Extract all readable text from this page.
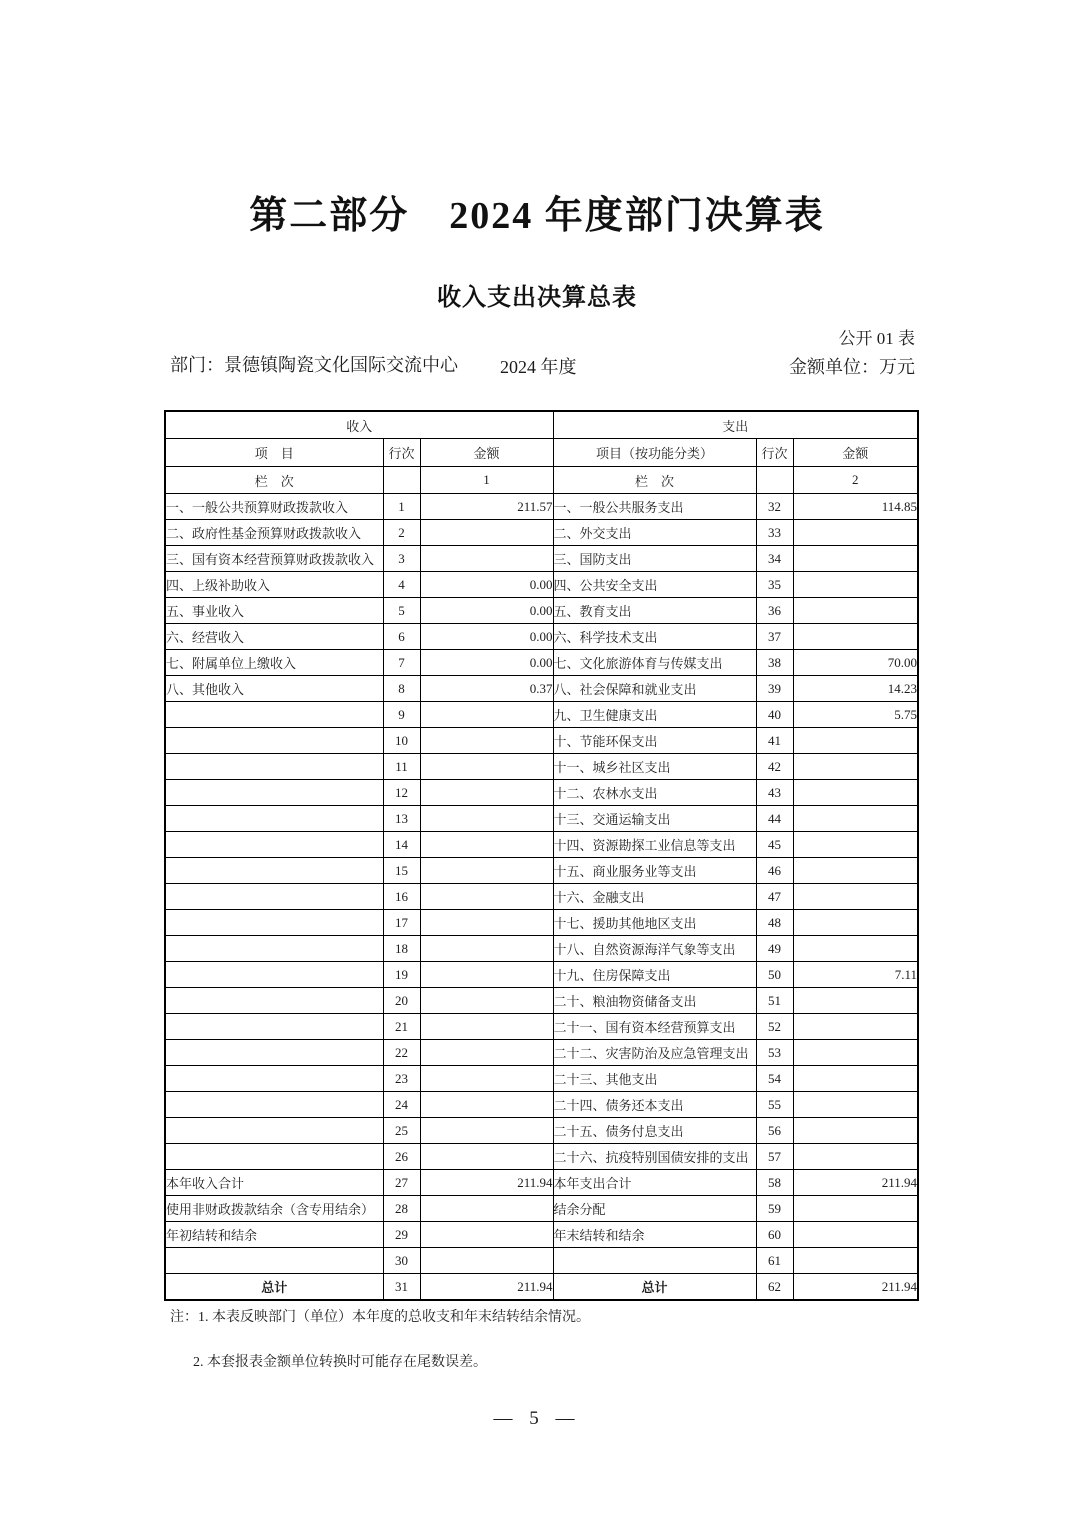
第二部分　2024 年度部门决算表
收入支出决算总表
公开 01 表
部门：景德镇陶瓷文化国际交流中心 2024 年度	金额单位：万元
收入			支出		
项　目	行次	金额	项目（按功能分类）	行次	金额
栏　次		1	栏　次		2
一、一般公共预算财政拨款收入	1	211.57	一、一般公共服务支出	32	114.85
二、政府性基金预算财政拨款收入	2		二、外交支出	33	
三、国有资本经营预算财政拨款收入	3		三、国防支出	34	
四、上级补助收入	4	0.00	四、公共安全支出	35	
五、事业收入	5	0.00	五、教育支出	36	
六、经营收入	6	0.00	六、科学技术支出	37	
七、附属单位上缴收入	7	0.00	七、文化旅游体育与传媒支出	38	70.00
八、其他收入	8	0.37	八、社会保障和就业支出	39	14.23
	9		九、卫生健康支出	40	5.75
	10		十、节能环保支出	41	
	11		十一、城乡社区支出	42	
	12		十二、农林水支出	43	
	13		十三、交通运输支出	44	
	14		十四、资源勘探工业信息等支出	45	
	15		十五、商业服务业等支出	46	
	16		十六、金融支出	47	
	17		十七、援助其他地区支出	48	
	18		十八、自然资源海洋气象等支出	49	
	19		十九、住房保障支出	50	7.11
	20		二十、粮油物资储备支出	51	
	21		二十一、国有资本经营预算支出	52	
	22		二十二、灾害防治及应急管理支出	53	
	23		二十三、其他支出	54	
	24		二十四、债务还本支出	55	
	25		二十五、债务付息支出	56	
	26		二十六、抗疫特别国债安排的支出	57	
本年收入合计	27	211.94	本年支出合计	58	211.94
使用非财政拨款结余（含专用结余）	28		结余分配	59	
年初结转和结余	29		年末结转和结余	60	
	30			61	
总计	31	211.94	总计	62	211.94
注：1. 本表反映部门（单位）本年度的总收支和年末结转结余情况。
2. 本套报表金额单位转换时可能存在尾数误差。
— 5 —
